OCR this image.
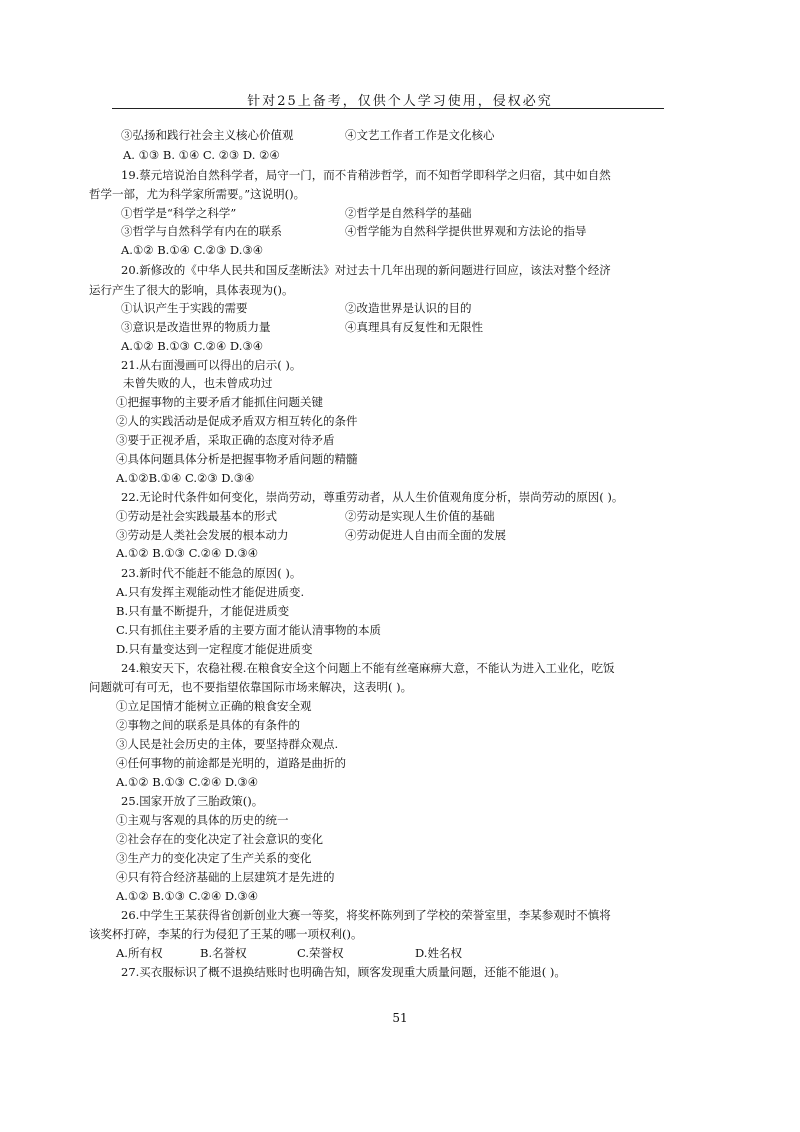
针对25上备考，仅供个人学习使用，侵权必究
③弘扬和践行社会主义核心价值观	④文艺工作者工作是文化核心
A. ①③ B. ①④ C. ②③ D. ②④
19.蔡元培说治自然科学者，局守一门，而不肯稍涉哲学，而不知哲学即科学之归宿，其中如自然
哲学一部，尤为科学家所需要。”这说明()。
①哲学是“科学之科学”	②哲学是自然科学的基础
③哲学与自然科学有内在的联系	④哲学能为自然科学提供世界观和方法论的指导
A.①② B.①④ C.②③ D.③④
20.新修改的《中华人民共和国反垄断法》对过去十几年出现的新问题进行回应，该法对整个经济
运行产生了很大的影响，具体表现为()。
①认识产生于实践的需要	②改造世界是认识的目的
③意识是改造世界的物质力量	④真理具有反复性和无限性
A.①② B.①③ C.②④ D.③④
21.从右面漫画可以得出的启示( )。
未曾失败的人，也未曾成功过
①把握事物的主要矛盾才能抓住问题关键
②人的实践活动是促成矛盾双方相互转化的条件
③要于正视矛盾，采取正确的态度对待矛盾
④具体问题具体分析是把握事物矛盾问题的精髓
A.①②B.①④ C.②③ D.③④
22.无论时代条件如何变化，崇尚劳动，尊重劳动者，从人生价值观角度分析，崇尚劳动的原因( )。
①劳动是社会实践最基本的形式	②劳动是实现人生价值的基础
③劳动是人类社会发展的根本动力	④劳动促进人自由而全面的发展
A.①② B.①③ C.②④ D.③④
23.新时代不能赶不能急的原因( )。
A.只有发挥主观能动性才能促进质变.
B.只有量不断提升，才能促进质变
C.只有抓住主要矛盾的主要方面才能认清事物的本质
D.只有量变达到一定程度才能促进质变
24.粮安天下，农稳社稷.在粮食安全这个问题上不能有丝毫麻痹大意，不能认为进入工业化，吃饭
问题就可有可无，也不要指望依靠国际市场来解决，这表明( )。
①立足国情才能树立正确的粮食安全观
②事物之间的联系是具体的有条件的
③人民是社会历史的主体，要坚持群众观点.
④任何事物的前途都是光明的，道路是曲折的
A.①② B.①③ C.②④ D.③④
25.国家开放了三胎政策()。
①主观与客观的具体的历史的统一
②社会存在的变化决定了社会意识的变化
③生产力的变化决定了生产关系的变化
④只有符合经济基础的上层建筑才是先进的
A.①② B.①③ C.②④ D.③④
26.中学生王某获得省创新创业大赛一等奖，将奖杯陈列到了学校的荣誉室里，李某参观时不慎将
该奖杯打碎，李某的行为侵犯了王某的哪一项权利()。
A.所有权	B.名誉权	C.荣誉权	D.姓名权
27.买衣服标识了概不退换结账时也明确告知，顾客发现重大质量问题，还能不能退( )。
51
